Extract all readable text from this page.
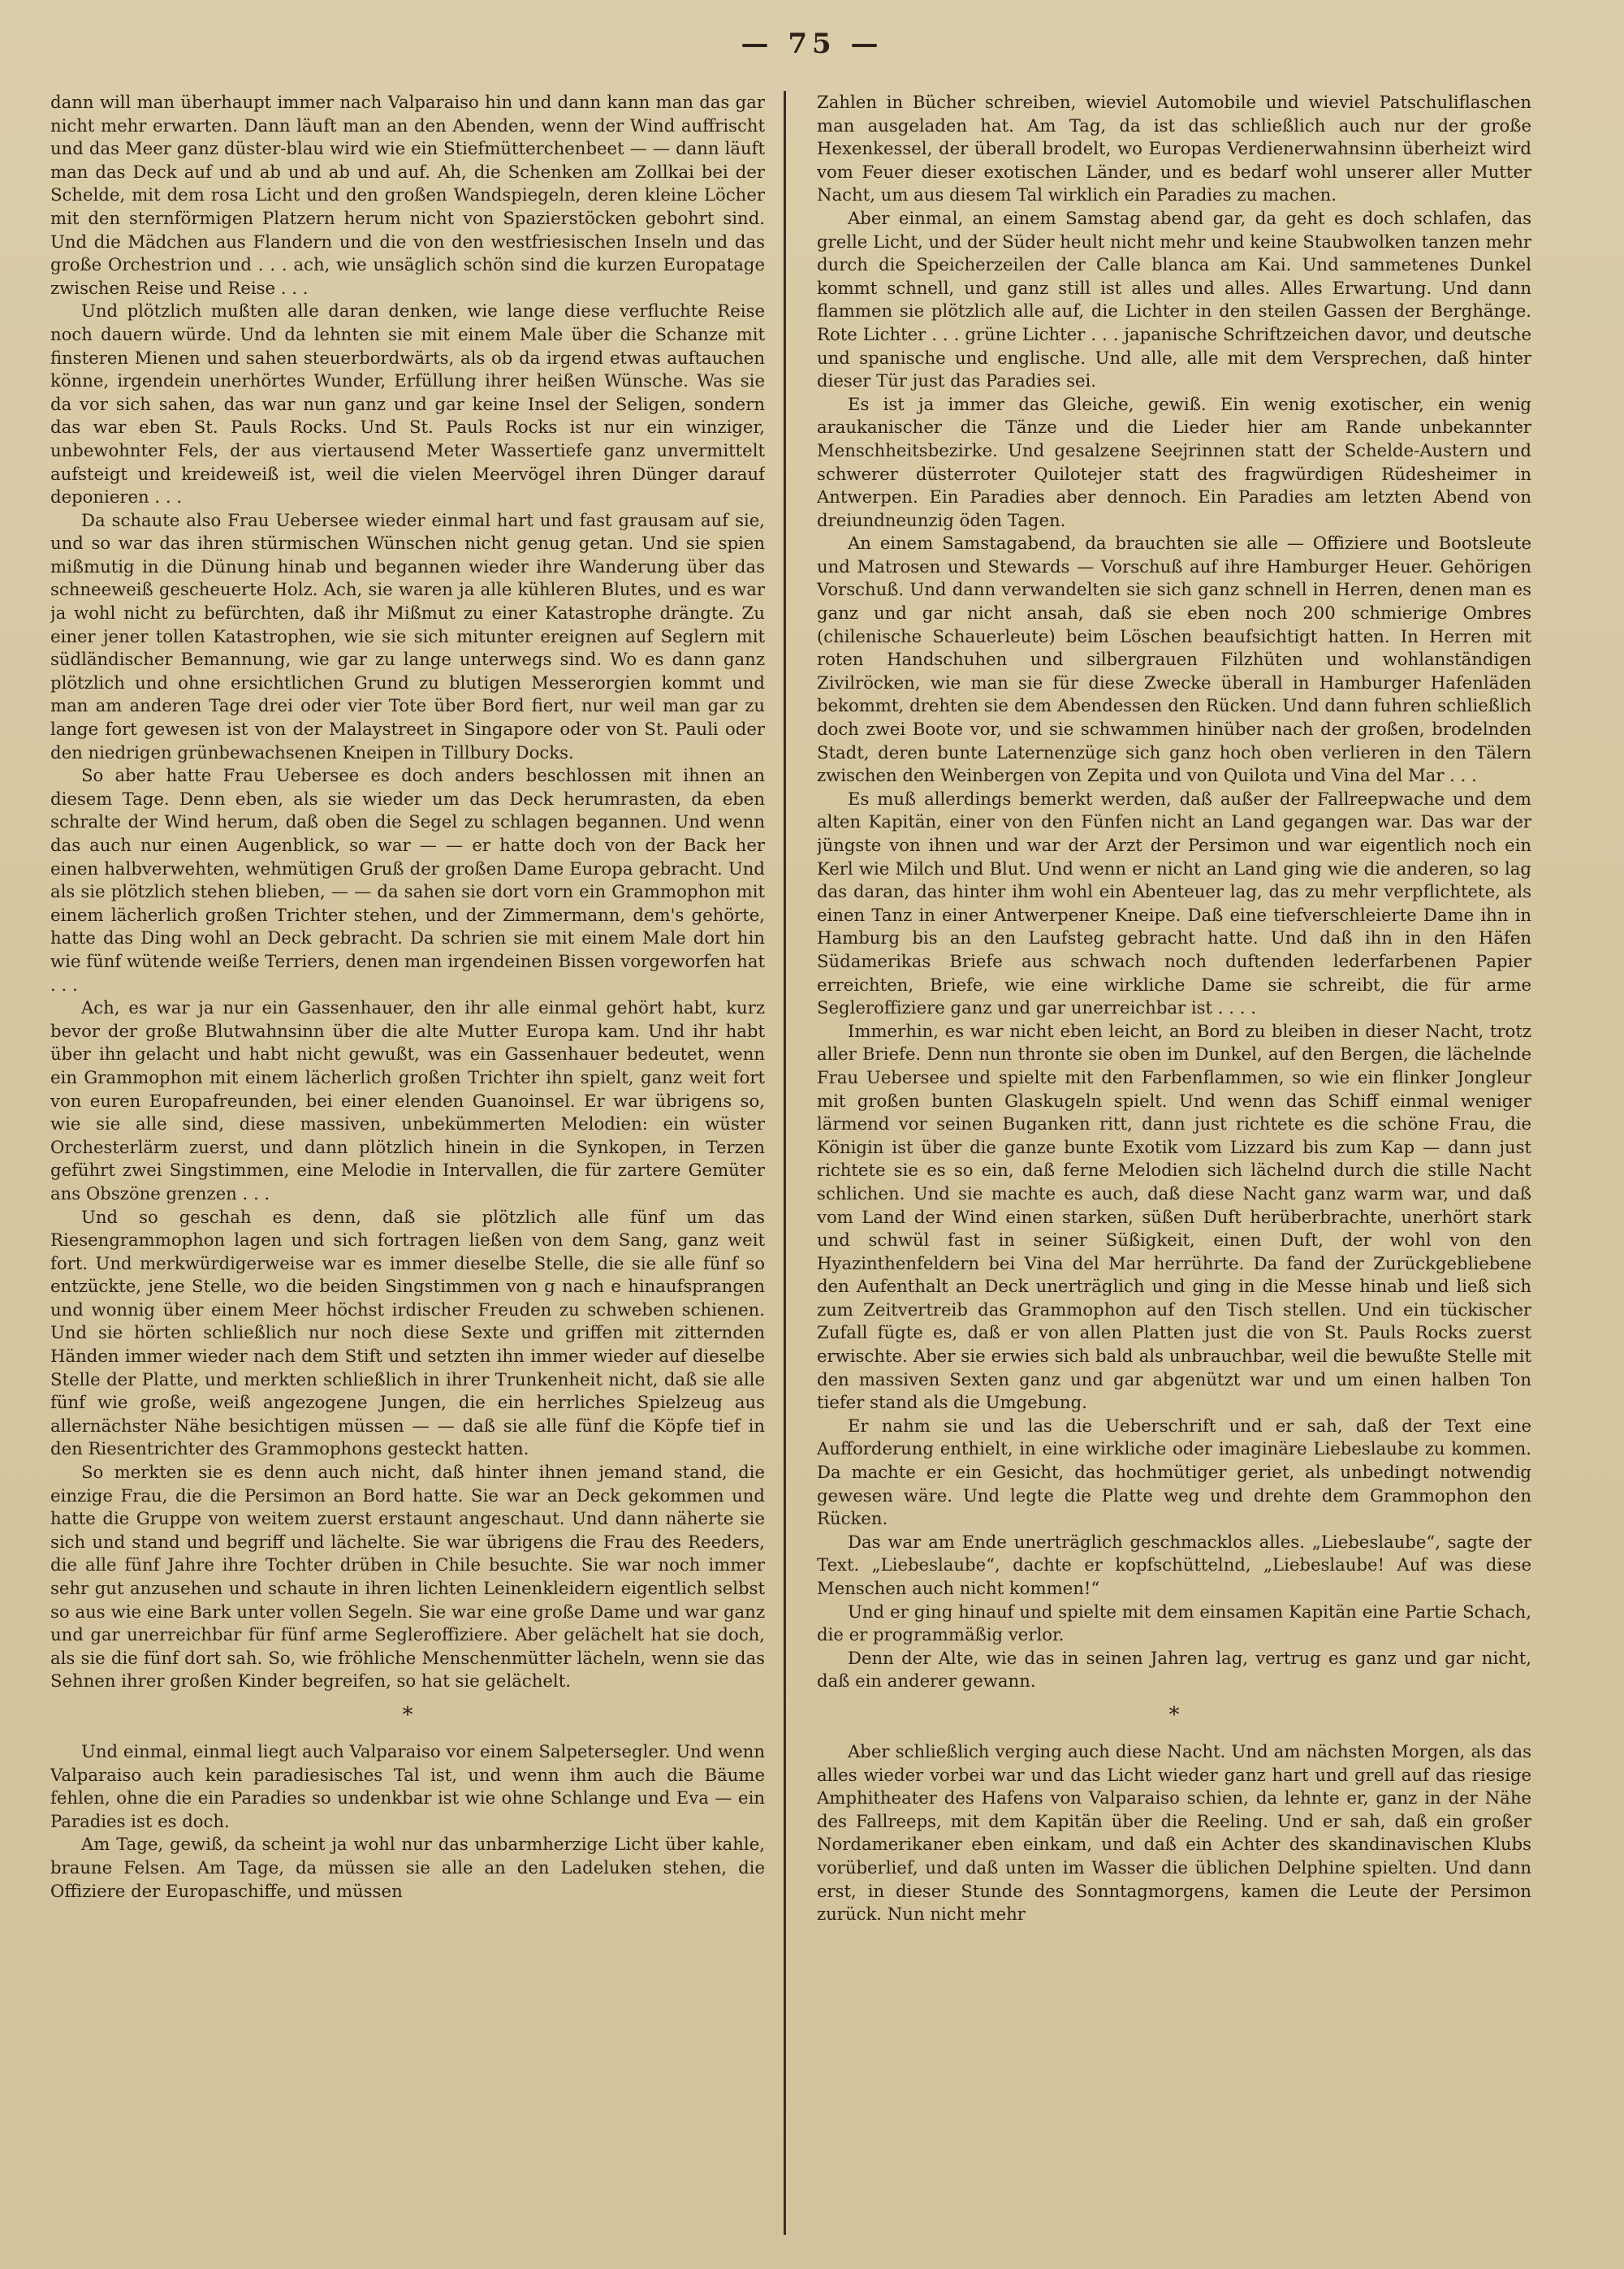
— 75 —

dann will man überhaupt immer nach Valparaiso hin und dann kann man das gar nicht mehr erwarten. Dann läuft man an den Abenden, wenn der Wind auffrischt und das Meer ganz düster-blau wird wie ein Stiefmütterchenbeet — — dann läuft man das Deck auf und ab und ab und auf. Ah, die Schenken am Zollkai bei der Schelde, mit dem rosa Licht und den großen Wandspiegeln, deren kleine Löcher mit den sternförmigen Platzern herum nicht von Spazierstöcken gebohrt sind. Und die Mädchen aus Flandern und die von den westfriesischen Inseln und das große Orchestrion und . . . ach, wie unsäglich schön sind die kurzen Europatage zwischen Reise und Reise . . .

Und plötzlich mußten alle daran denken, wie lange diese verfluchte Reise noch dauern würde. Und da lehnten sie mit einem Male über die Schanze mit finsteren Mienen und sahen steuerbordwärts, als ob da irgend etwas auftauchen könne, irgendein unerhörtes Wunder, Erfüllung ihrer heißen Wünsche. Was sie da vor sich sahen, das war nun ganz und gar keine Insel der Seligen, sondern das war eben St. Pauls Rocks. Und St. Pauls Rocks ist nur ein winziger, unbewohnter Fels, der aus viertausend Meter Wassertiefe ganz unvermittelt aufsteigt und kreideweiß ist, weil die vielen Meervögel ihren Dünger darauf deponieren . . .

Da schaute also Frau Uebersee wieder einmal hart und fast grausam auf sie, und so war das ihren stürmischen Wünschen nicht genug getan. Und sie spien mißmutig in die Dünung hinab und begannen wieder ihre Wanderung über das schneeweiß gescheuerte Holz. Ach, sie waren ja alle kühleren Blutes, und es war ja wohl nicht zu befürchten, daß ihr Mißmut zu einer Katastrophe drängte. Zu einer jener tollen Katastrophen, wie sie sich mitunter ereignen auf Seglern mit südländischer Bemannung, wie gar zu lange unterwegs sind. Wo es dann ganz plötzlich und ohne ersichtlichen Grund zu blutigen Messerorgien kommt und man am anderen Tage drei oder vier Tote über Bord fiert, nur weil man gar zu lange fort gewesen ist von der Malaystreet in Singapore oder von St. Pauli oder den niedrigen grünbewachsenen Kneipen in Tillbury Docks.

So aber hatte Frau Uebersee es doch anders beschlossen mit ihnen an diesem Tage. Denn eben, als sie wieder um das Deck herumrasten, da eben schralte der Wind herum, daß oben die Segel zu schlagen begannen. Und wenn das auch nur einen Augenblick, so war — — er hatte doch von der Back her einen halbverwehten, wehmütigen Gruß der großen Dame Europa gebracht. Und als sie plötzlich stehen blieben, — — da sahen sie dort vorn ein Grammophon mit einem lächerlich großen Trichter stehen, und der Zimmermann, dem's gehörte, hatte das Ding wohl an Deck gebracht. Da schrien sie mit einem Male dort hin wie fünf wütende weiße Terriers, denen man irgendeinen Bissen vorgeworfen hat . . .

Ach, es war ja nur ein Gassenhauer, den ihr alle einmal gehört habt, kurz bevor der große Blutwahnsinn über die alte Mutter Europa kam. Und ihr habt über ihn gelacht und habt nicht gewußt, was ein Gassenhauer bedeutet, wenn ein Grammophon mit einem lächerlich großen Trichter ihn spielt, ganz weit fort von euren Europafreunden, bei einer elenden Guanoinsel. Er war übrigens so, wie sie alle sind, diese massiven, unbekümmerten Melodien: ein wüster Orchesterlärm zuerst, und dann plötzlich hinein in die Synkopen, in Terzen geführt zwei Singstimmen, eine Melodie in Intervallen, die für zartere Gemüter ans Obszöne grenzen . . .

Und so geschah es denn, daß sie plötzlich alle fünf um das Riesengrammophon lagen und sich fortragen ließen von dem Sang, ganz weit fort. Und merkwürdigerweise war es immer dieselbe Stelle, die sie alle fünf so entzückte, jene Stelle, wo die beiden Singstimmen von g nach e hinaufsprangen und wonnig über einem Meer höchst irdischer Freuden zu schweben schienen. Und sie hörten schließlich nur noch diese Sexte und griffen mit zitternden Händen immer wieder nach dem Stift und setzten ihn immer wieder auf dieselbe Stelle der Platte, und merkten schließlich in ihrer Trunkenheit nicht, daß sie alle fünf wie große, weiß angezogene Jungen, die ein herrliches Spielzeug aus allernächster Nähe besichtigen müssen — — daß sie alle fünf die Köpfe tief in den Riesentrichter des Grammophons gesteckt hatten.

So merkten sie es denn auch nicht, daß hinter ihnen jemand stand, die einzige Frau, die die Persimon an Bord hatte. Sie war an Deck gekommen und hatte die Gruppe von weitem zuerst erstaunt angeschaut. Und dann näherte sie sich und stand und begriff und lächelte. Sie war übrigens die Frau des Reeders, die alle fünf Jahre ihre Tochter drüben in Chile besuchte. Sie war noch immer sehr gut anzusehen und schaute in ihren lichten Leinenkleidern eigentlich selbst so aus wie eine Bark unter vollen Segeln. Sie war eine große Dame und war ganz und gar unerreichbar für fünf arme Segleroffiziere. Aber gelächelt hat sie doch, als sie die fünf dort sah. So, wie fröhliche Menschenmütter lächeln, wenn sie das Sehnen ihrer großen Kinder begreifen, so hat sie gelächelt.

*

Und einmal, einmal liegt auch Valparaiso vor einem Salpetersegler. Und wenn Valparaiso auch kein paradiesisches Tal ist, und wenn ihm auch die Bäume fehlen, ohne die ein Paradies so undenkbar ist wie ohne Schlange und Eva — ein Paradies ist es doch.

Am Tage, gewiß, da scheint ja wohl nur das unbarmherzige Licht über kahle, braune Felsen. Am Tage, da müssen sie alle an den Ladeluken stehen, die Offiziere der Europaschiffe, und müssen

Zahlen in Bücher schreiben, wieviel Automobile und wieviel Patschuliflaschen man ausgeladen hat. Am Tag, da ist das schließlich auch nur der große Hexenkessel, der überall brodelt, wo Europas Verdienerwahnsinn überheizt wird vom Feuer dieser exotischen Länder, und es bedarf wohl unserer aller Mutter Nacht, um aus diesem Tal wirklich ein Paradies zu machen.

Aber einmal, an einem Samstag abend gar, da geht es doch schlafen, das grelle Licht, und der Süder heult nicht mehr und keine Staubwolken tanzen mehr durch die Speicherzeilen der Calle blanca am Kai. Und sammetenes Dunkel kommt schnell, und ganz still ist alles und alles. Alles Erwartung. Und dann flammen sie plötzlich alle auf, die Lichter in den steilen Gassen der Berghänge. Rote Lichter . . . grüne Lichter . . . japanische Schriftzeichen davor, und deutsche und spanische und englische. Und alle, alle mit dem Versprechen, daß hinter dieser Tür just das Paradies sei.

Es ist ja immer das Gleiche, gewiß. Ein wenig exotischer, ein wenig araukanischer die Tänze und die Lieder hier am Rande unbekannter Menschheitsbezirke. Und gesalzene Seejrinnen statt der Schelde-Austern und schwerer düsterroter Quilotejer statt des fragwürdigen Rüdesheimer in Antwerpen. Ein Paradies aber dennoch. Ein Paradies am letzten Abend von dreiundneunzig öden Tagen.

An einem Samstagabend, da brauchten sie alle — Offiziere und Bootsleute und Matrosen und Stewards — Vorschuß auf ihre Hamburger Heuer. Gehörigen Vorschuß. Und dann verwandelten sie sich ganz schnell in Herren, denen man es ganz und gar nicht ansah, daß sie eben noch 200 schmierige Ombres (chilenische Schauerleute) beim Löschen beaufsichtigt hatten. In Herren mit roten Handschuhen und silbergrauen Filzhüten und wohlanständigen Zivilröcken, wie man sie für diese Zwecke überall in Hamburger Hafenläden bekommt, drehten sie dem Abendessen den Rücken. Und dann fuhren schließlich doch zwei Boote vor, und sie schwammen hinüber nach der großen, brodelnden Stadt, deren bunte Laternenzüge sich ganz hoch oben verlieren in den Tälern zwischen den Weinbergen von Zepita und von Quilota und Vina del Mar . . .

Es muß allerdings bemerkt werden, daß außer der Fallreepwache und dem alten Kapitän, einer von den Fünfen nicht an Land gegangen war. Das war der jüngste von ihnen und war der Arzt der Persimon und war eigentlich noch ein Kerl wie Milch und Blut. Und wenn er nicht an Land ging wie die anderen, so lag das daran, das hinter ihm wohl ein Abenteuer lag, das zu mehr verpflichtete, als einen Tanz in einer Antwerpener Kneipe. Daß eine tiefverschleierte Dame ihn in Hamburg bis an den Laufsteg gebracht hatte. Und daß ihn in den Häfen Südamerikas Briefe aus schwach noch duftenden lederfarbenen Papier erreichten, Briefe, wie eine wirkliche Dame sie schreibt, die für arme Segleroffiziere ganz und gar unerreichbar ist . . . .

Immerhin, es war nicht eben leicht, an Bord zu bleiben in dieser Nacht, trotz aller Briefe. Denn nun thronte sie oben im Dunkel, auf den Bergen, die lächelnde Frau Uebersee und spielte mit den Farbenflammen, so wie ein flinker Jongleur mit großen bunten Glaskugeln spielt. Und wenn das Schiff einmal weniger lärmend vor seinen Buganken ritt, dann just richtete es die schöne Frau, die Königin ist über die ganze bunte Exotik vom Lizzard bis zum Kap — dann just richtete sie es so ein, daß ferne Melodien sich lächelnd durch die stille Nacht schlichen. Und sie machte es auch, daß diese Nacht ganz warm war, und daß vom Land der Wind einen starken, süßen Duft herüberbrachte, unerhört stark und schwül fast in seiner Süßigkeit, einen Duft, der wohl von den Hyazinthenfeldern bei Vina del Mar herrührte. Da fand der Zurückgebliebene den Aufenthalt an Deck unerträglich und ging in die Messe hinab und ließ sich zum Zeitvertreib das Grammophon auf den Tisch stellen. Und ein tückischer Zufall fügte es, daß er von allen Platten just die von St. Pauls Rocks zuerst erwischte. Aber sie erwies sich bald als unbrauchbar, weil die bewußte Stelle mit den massiven Sexten ganz und gar abgenützt war und um einen halben Ton tiefer stand als die Umgebung.

Er nahm sie und las die Ueberschrift und er sah, daß der Text eine Aufforderung enthielt, in eine wirkliche oder imaginäre Liebeslaube zu kommen. Da machte er ein Gesicht, das hochmütiger geriet, als unbedingt notwendig gewesen wäre. Und legte die Platte weg und drehte dem Grammophon den Rücken.

Das war am Ende unerträglich geschmacklos alles. „Liebeslaube“, sagte der Text. „Liebeslaube“, dachte er kopfschüttelnd, „Liebeslaube! Auf was diese Menschen auch nicht kommen!“

Und er ging hinauf und spielte mit dem einsamen Kapitän eine Partie Schach, die er programmäßig verlor.

Denn der Alte, wie das in seinen Jahren lag, vertrug es ganz und gar nicht, daß ein anderer gewann.

*

Aber schließlich verging auch diese Nacht. Und am nächsten Morgen, als das alles wieder vorbei war und das Licht wieder ganz hart und grell auf das riesige Amphitheater des Hafens von Valparaiso schien, da lehnte er, ganz in der Nähe des Fallreeps, mit dem Kapitän über die Reeling. Und er sah, daß ein großer Nordamerikaner eben einkam, und daß ein Achter des skandinavischen Klubs vorüberlief, und daß unten im Wasser die üblichen Delphine spielten. Und dann erst, in dieser Stunde des Sonntagmorgens, kamen die Leute der Persimon zurück. Nun nicht mehr
